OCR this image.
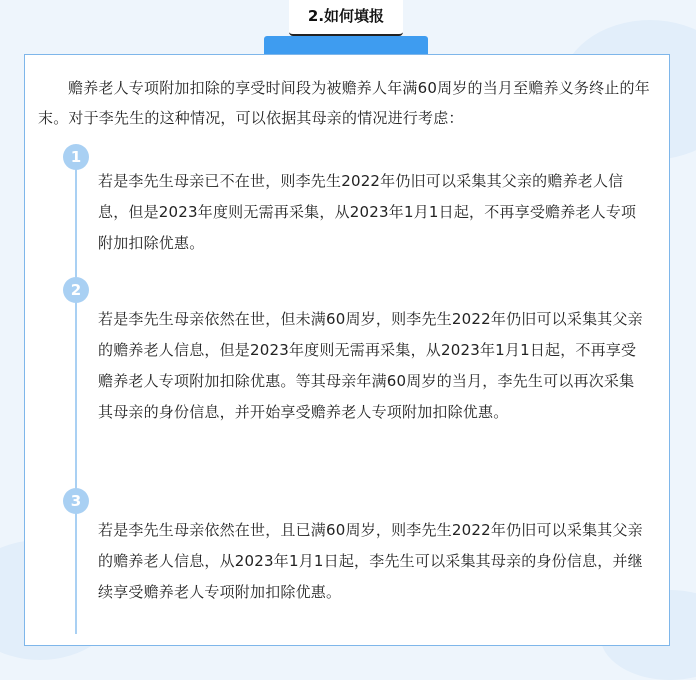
2.如何填报
赡养老人专项附加扣除的享受时间段为被赡养人年满60周岁的当月至赡养义务终止的年末。对于李先生的这种情况，可以依据其母亲的情况进行考虑：
1
若是李先生母亲已不在世，则李先生2022年仍旧可以采集其父亲的赡养老人信息，但是2023年度则无需再采集，从2023年1月1日起，不再享受赡养老人专项附加扣除优惠。
2
若是李先生母亲依然在世，但未满60周岁，则李先生2022年仍旧可以采集其父亲的赡养老人信息，但是2023年度则无需再采集，从2023年1月1日起，不再享受赡养老人专项附加扣除优惠。等其母亲年满60周岁的当月，李先生可以再次采集其母亲的身份信息，并开始享受赡养老人专项附加扣除优惠。
3
若是李先生母亲依然在世，且已满60周岁，则李先生2022年仍旧可以采集其父亲的赡养老人信息，从2023年1月1日起，李先生可以采集其母亲的身份信息，并继续享受赡养老人专项附加扣除优惠。
